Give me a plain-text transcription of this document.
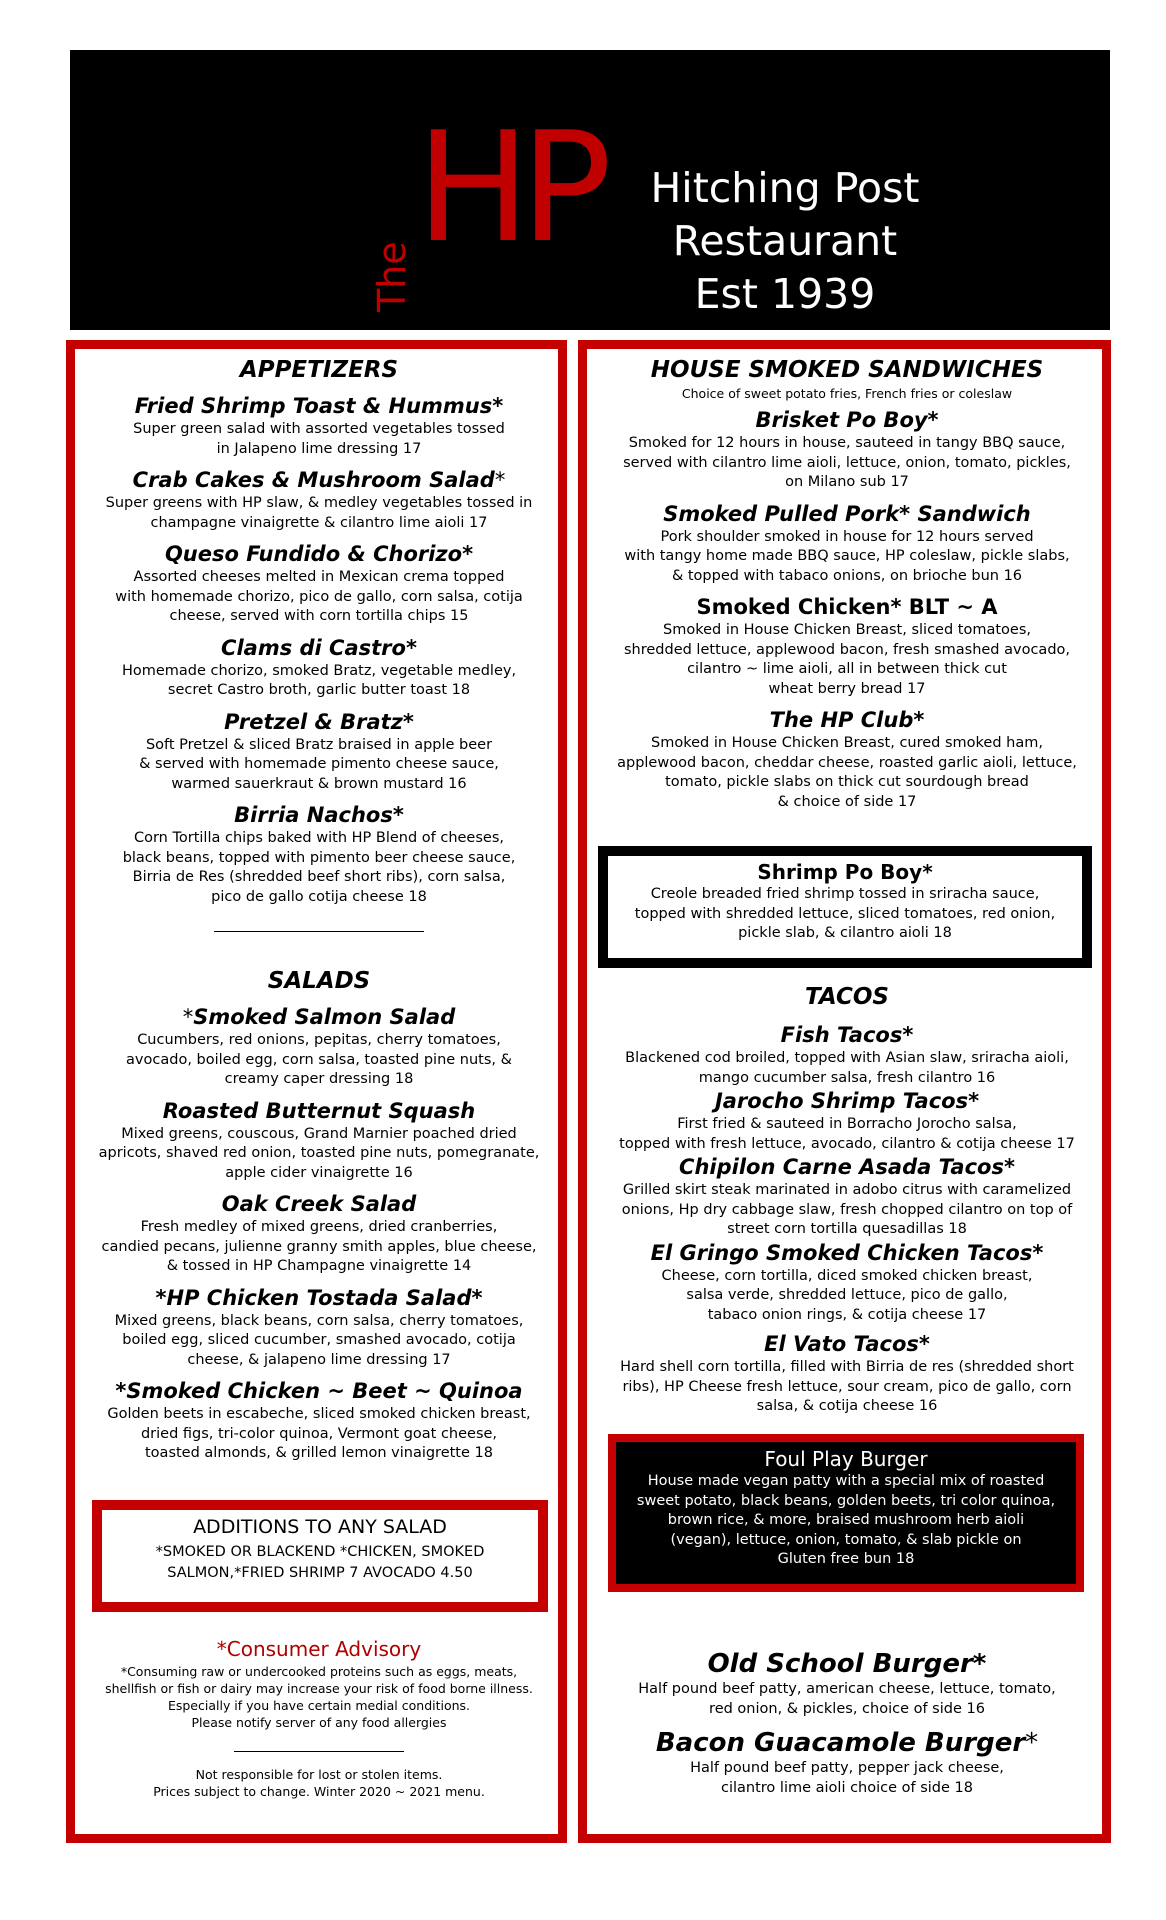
The
HP	Hitching Post Restaurant
Est 1939
APPETIZERS
Fried Shrimp Toast & Hummus*
Super green salad with assorted vegetables tossed
in Jalapeno lime dressing 17
Crab Cakes & Mushroom Salad*
Super greens with HP slaw, & medley vegetables tossed in
champagne vinaigrette & cilantro lime aioli 17
Queso Fundido & Chorizo*
Assorted cheeses melted in Mexican crema topped
with homemade chorizo, pico de gallo, corn salsa, cotija
cheese, served with corn tortilla chips 15
Clams di Castro*
Homemade chorizo, smoked Bratz, vegetable medley,
secret Castro broth, garlic butter toast 18
Pretzel & Bratz*
Soft Pretzel & sliced Bratz braised in apple beer
& served with homemade pimento cheese sauce,
warmed sauerkraut & brown mustard 16
Birria Nachos*
Corn Tortilla chips baked with HP Blend of cheeses,
black beans, topped with pimento beer cheese sauce,
Birria de Res (shredded beef short ribs), corn salsa,
pico de gallo cotija cheese 18
SALADS
*Smoked Salmon Salad
Cucumbers, red onions, pepitas, cherry tomatoes,
avocado, boiled egg, corn salsa, toasted pine nuts, &
creamy caper dressing 18
Roasted Butternut Squash
Mixed greens, couscous, Grand Marnier poached dried
apricots, shaved red onion, toasted pine nuts, pomegranate,
apple cider vinaigrette 16
Oak Creek Salad
Fresh medley of mixed greens, dried cranberries,
candied pecans, julienne granny smith apples, blue cheese,
& tossed in HP Champagne vinaigrette 14
*HP Chicken Tostada Salad*
Mixed greens, black beans, corn salsa, cherry tomatoes,
boiled egg, sliced cucumber, smashed avocado, cotija
cheese, & jalapeno lime dressing 17
*Smoked Chicken ~ Beet ~ Quinoa
Golden beets in escabeche, sliced smoked chicken breast,
dried figs, tri-color quinoa, Vermont goat cheese,
toasted almonds, & grilled lemon vinaigrette 18
ADDITIONS TO ANY SALAD
*SMOKED OR BLACKEND *CHICKEN, SMOKED
SALMON,*FRIED SHRIMP 7 AVOCADO 4.50
*Consumer Advisory
*Consuming raw or undercooked proteins such as eggs, meats,
shellfish or fish or dairy may increase your risk of food borne illness.
Especially if you have certain medial conditions.
Please notify server of any food allergies
Not responsible for lost or stolen items.
Prices subject to change. Winter 2020 ~ 2021 menu.
HOUSE SMOKED SANDWICHES
Choice of sweet potato fries, French fries or coleslaw
Brisket Po Boy*
Smoked for 12 hours in house, sauteed in tangy BBQ sauce,
served with cilantro lime aioli, lettuce, onion, tomato, pickles,
on Milano sub 17
Smoked Pulled Pork* Sandwich
Pork shoulder smoked in house for 12 hours served
with tangy home made BBQ sauce, HP coleslaw, pickle slabs,
& topped with tabaco onions, on brioche bun 16
Smoked Chicken* BLT ~ A
Smoked in House Chicken Breast, sliced tomatoes,
shredded lettuce, applewood bacon, fresh smashed avocado,
cilantro ~ lime aioli, all in between thick cut
wheat berry bread 17
The HP Club*
Smoked in House Chicken Breast, cured smoked ham,
applewood bacon, cheddar cheese, roasted garlic aioli, lettuce,
tomato, pickle slabs on thick cut sourdough bread
& choice of side 17
Shrimp Po Boy*
Creole breaded fried shrimp tossed in sriracha sauce,
topped with shredded lettuce, sliced tomatoes, red onion,
pickle slab, & cilantro aioli 18
TACOS
Fish Tacos*
Blackened cod broiled, topped with Asian slaw, sriracha aioli,
mango cucumber salsa, fresh cilantro 16
Jarocho Shrimp Tacos*
First fried & sauteed in Borracho Jorocho salsa,
topped with fresh lettuce, avocado, cilantro & cotija cheese 17
Chipilon Carne Asada Tacos*
Grilled skirt steak marinated in adobo citrus with caramelized
onions, Hp dry cabbage slaw, fresh chopped cilantro on top of
street corn tortilla quesadillas 18
El Gringo Smoked Chicken Tacos*
Cheese, corn tortilla, diced smoked chicken breast,
salsa verde, shredded lettuce, pico de gallo,
tabaco onion rings, & cotija cheese 17
El Vato Tacos*
Hard shell corn tortilla, filled with Birria de res (shredded short
ribs), HP Cheese fresh lettuce, sour cream, pico de gallo, corn
salsa, & cotija cheese 16
Foul Play Burger
House made vegan patty with a special mix of roasted
sweet potato, black beans, golden beets, tri color quinoa,
brown rice, & more, braised mushroom herb aioli
(vegan), lettuce, onion, tomato, & slab pickle on
Gluten free bun 18
Old School Burger*
Half pound beef patty, american cheese, lettuce, tomato,
red onion, & pickles, choice of side 16
Bacon Guacamole Burger*
Half pound beef patty, pepper jack cheese,
cilantro lime aioli choice of side 18
